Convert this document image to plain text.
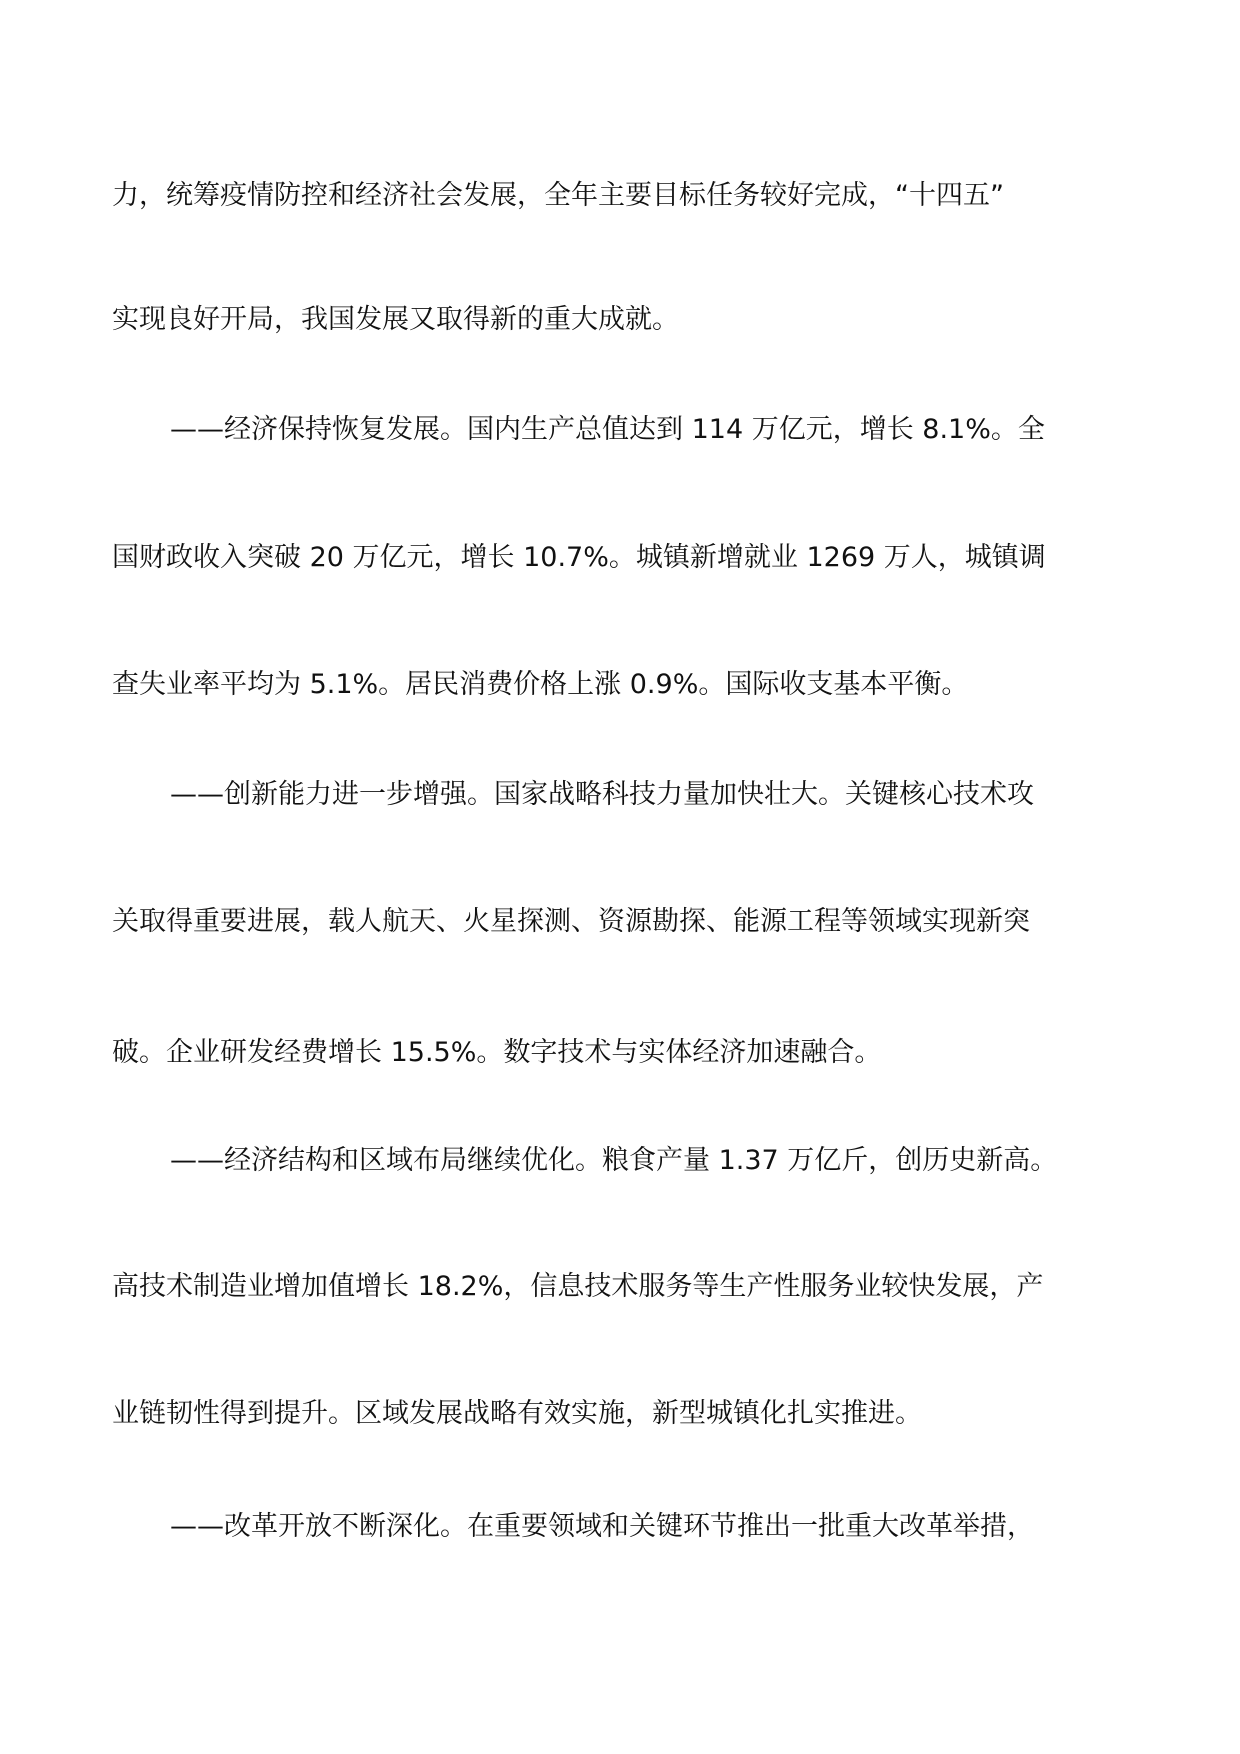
力，统筹疫情防控和经济社会发展，全年主要目标任务较好完成，“十四五”
实现良好开局，我国发展又取得新的重大成就。
——经济保持恢复发展。国内生产总值达到 114 万亿元，增长 8.1%。全
国财政收入突破 20 万亿元，增长 10.7%。城镇新增就业 1269 万人，城镇调
查失业率平均为 5.1%。居民消费价格上涨 0.9%。国际收支基本平衡。
——创新能力进一步增强。国家战略科技力量加快壮大。关键核心技术攻
关取得重要进展，载人航天、火星探测、资源勘探、能源工程等领域实现新突
破。企业研发经费增长 15.5%。数字技术与实体经济加速融合。
——经济结构和区域布局继续优化。粮食产量 1.37 万亿斤，创历史新高。
高技术制造业增加值增长 18.2%，信息技术服务等生产性服务业较快发展，产
业链韧性得到提升。区域发展战略有效实施，新型城镇化扎实推进。
——改革开放不断深化。在重要领域和关键环节推出一批重大改革举措，
